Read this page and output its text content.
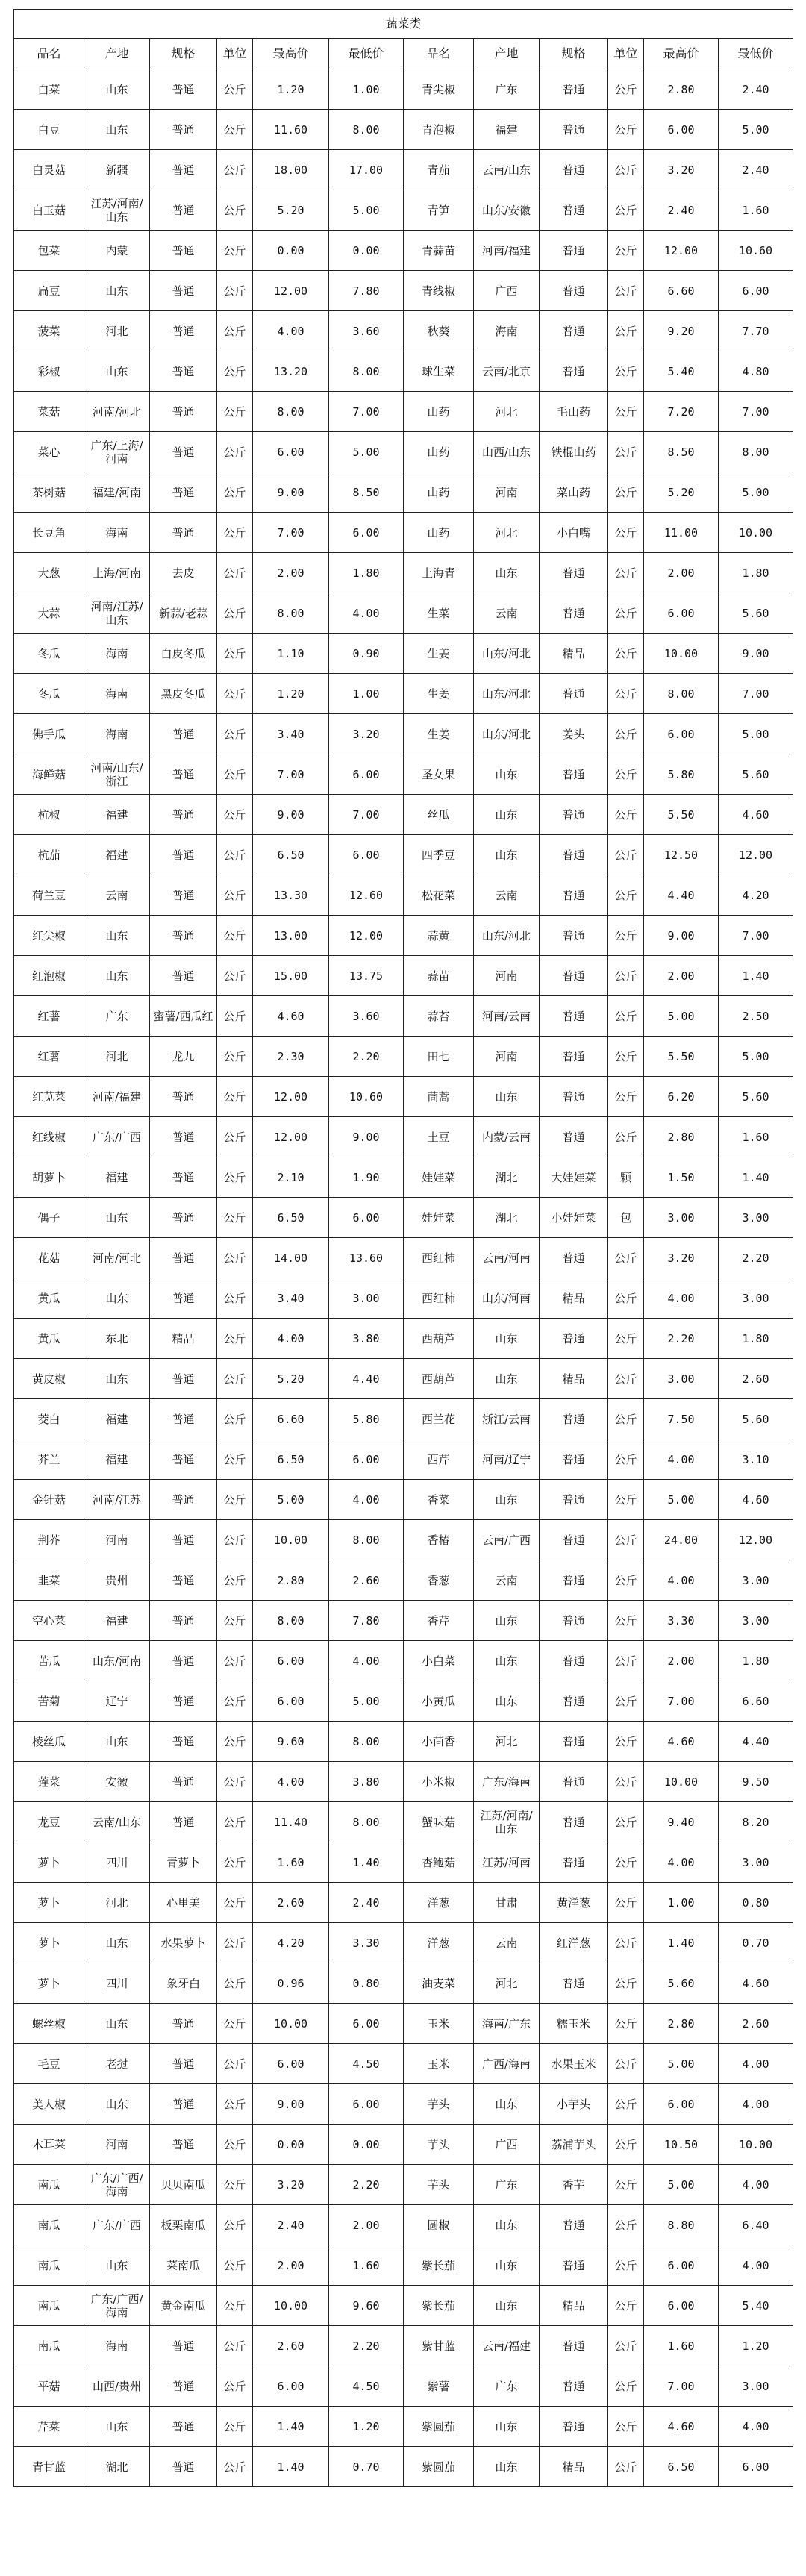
蔬菜类											
品名	产地	规格	单位	最高价	最低价	品名	产地	规格	单位	最高价	最低价
白菜	山东	普通	公斤	1.20	1.00	青尖椒	广东	普通	公斤	2.80	2.40
白豆	山东	普通	公斤	11.60	8.00	青泡椒	福建	普通	公斤	6.00	5.00
白灵菇	新疆	普通	公斤	18.00	17.00	青茄	云南/山东	普通	公斤	3.20	2.40
白玉菇	江苏/河南/山东	普通	公斤	5.20	5.00	青笋	山东/安徽	普通	公斤	2.40	1.60
包菜	内蒙	普通	公斤	0.00	0.00	青蒜苗	河南/福建	普通	公斤	12.00	10.60
扁豆	山东	普通	公斤	12.00	7.80	青线椒	广西	普通	公斤	6.60	6.00
菠菜	河北	普通	公斤	4.00	3.60	秋葵	海南	普通	公斤	9.20	7.70
彩椒	山东	普通	公斤	13.20	8.00	球生菜	云南/北京	普通	公斤	5.40	4.80
菜菇	河南/河北	普通	公斤	8.00	7.00	山药	河北	毛山药	公斤	7.20	7.00
菜心	广东/上海/河南	普通	公斤	6.00	5.00	山药	山西/山东	铁棍山药	公斤	8.50	8.00
茶树菇	福建/河南	普通	公斤	9.00	8.50	山药	河南	菜山药	公斤	5.20	5.00
长豆角	海南	普通	公斤	7.00	6.00	山药	河北	小白嘴	公斤	11.00	10.00
大葱	上海/河南	去皮	公斤	2.00	1.80	上海青	山东	普通	公斤	2.00	1.80
大蒜	河南/江苏/山东	新蒜/老蒜	公斤	8.00	4.00	生菜	云南	普通	公斤	6.00	5.60
冬瓜	海南	白皮冬瓜	公斤	1.10	0.90	生姜	山东/河北	精品	公斤	10.00	9.00
冬瓜	海南	黑皮冬瓜	公斤	1.20	1.00	生姜	山东/河北	普通	公斤	8.00	7.00
佛手瓜	海南	普通	公斤	3.40	3.20	生姜	山东/河北	姜头	公斤	6.00	5.00
海鲜菇	河南/山东/浙江	普通	公斤	7.00	6.00	圣女果	山东	普通	公斤	5.80	5.60
杭椒	福建	普通	公斤	9.00	7.00	丝瓜	山东	普通	公斤	5.50	4.60
杭茄	福建	普通	公斤	6.50	6.00	四季豆	山东	普通	公斤	12.50	12.00
荷兰豆	云南	普通	公斤	13.30	12.60	松花菜	云南	普通	公斤	4.40	4.20
红尖椒	山东	普通	公斤	13.00	12.00	蒜黄	山东/河北	普通	公斤	9.00	7.00
红泡椒	山东	普通	公斤	15.00	13.75	蒜苗	河南	普通	公斤	2.00	1.40
红薯	广东	蜜薯/西瓜红	公斤	4.60	3.60	蒜苔	河南/云南	普通	公斤	5.00	2.50
红薯	河北	龙九	公斤	2.30	2.20	田七	河南	普通	公斤	5.50	5.00
红苋菜	河南/福建	普通	公斤	12.00	10.60	茼蒿	山东	普通	公斤	6.20	5.60
红线椒	广东/广西	普通	公斤	12.00	9.00	土豆	内蒙/云南	普通	公斤	2.80	1.60
胡萝卜	福建	普通	公斤	2.10	1.90	娃娃菜	湖北	大娃娃菜	颗	1.50	1.40
偶子	山东	普通	公斤	6.50	6.00	娃娃菜	湖北	小娃娃菜	包	3.00	3.00
花菇	河南/河北	普通	公斤	14.00	13.60	西红柿	云南/河南	普通	公斤	3.20	2.20
黄瓜	山东	普通	公斤	3.40	3.00	西红柿	山东/河南	精品	公斤	4.00	3.00
黄瓜	东北	精品	公斤	4.00	3.80	西葫芦	山东	普通	公斤	2.20	1.80
黄皮椒	山东	普通	公斤	5.20	4.40	西葫芦	山东	精品	公斤	3.00	2.60
茭白	福建	普通	公斤	6.60	5.80	西兰花	浙江/云南	普通	公斤	7.50	5.60
芥兰	福建	普通	公斤	6.50	6.00	西芹	河南/辽宁	普通	公斤	4.00	3.10
金针菇	河南/江苏	普通	公斤	5.00	4.00	香菜	山东	普通	公斤	5.00	4.60
荆芥	河南	普通	公斤	10.00	8.00	香椿	云南/广西	普通	公斤	24.00	12.00
韭菜	贵州	普通	公斤	2.80	2.60	香葱	云南	普通	公斤	4.00	3.00
空心菜	福建	普通	公斤	8.00	7.80	香芹	山东	普通	公斤	3.30	3.00
苦瓜	山东/河南	普通	公斤	6.00	4.00	小白菜	山东	普通	公斤	2.00	1.80
苦菊	辽宁	普通	公斤	6.00	5.00	小黄瓜	山东	普通	公斤	7.00	6.60
棱丝瓜	山东	普通	公斤	9.60	8.00	小茴香	河北	普通	公斤	4.60	4.40
莲菜	安徽	普通	公斤	4.00	3.80	小米椒	广东/海南	普通	公斤	10.00	9.50
龙豆	云南/山东	普通	公斤	11.40	8.00	蟹味菇	江苏/河南/山东	普通	公斤	9.40	8.20
萝卜	四川	青萝卜	公斤	1.60	1.40	杏鲍菇	江苏/河南	普通	公斤	4.00	3.00
萝卜	河北	心里美	公斤	2.60	2.40	洋葱	甘肃	黄洋葱	公斤	1.00	0.80
萝卜	山东	水果萝卜	公斤	4.20	3.30	洋葱	云南	红洋葱	公斤	1.40	0.70
萝卜	四川	象牙白	公斤	0.96	0.80	油麦菜	河北	普通	公斤	5.60	4.60
螺丝椒	山东	普通	公斤	10.00	6.00	玉米	海南/广东	糯玉米	公斤	2.80	2.60
毛豆	老挝	普通	公斤	6.00	4.50	玉米	广西/海南	水果玉米	公斤	5.00	4.00
美人椒	山东	普通	公斤	9.00	6.00	芋头	山东	小芋头	公斤	6.00	4.00
木耳菜	河南	普通	公斤	0.00	0.00	芋头	广西	荔浦芋头	公斤	10.50	10.00
南瓜	广东/广西/海南	贝贝南瓜	公斤	3.20	2.20	芋头	广东	香芋	公斤	5.00	4.00
南瓜	广东/广西	板栗南瓜	公斤	2.40	2.00	圆椒	山东	普通	公斤	8.80	6.40
南瓜	山东	菜南瓜	公斤	2.00	1.60	紫长茄	山东	普通	公斤	6.00	4.00
南瓜	广东/广西/海南	黄金南瓜	公斤	10.00	9.60	紫长茄	山东	精品	公斤	6.00	5.40
南瓜	海南	普通	公斤	2.60	2.20	紫甘蓝	云南/福建	普通	公斤	1.60	1.20
平菇	山西/贵州	普通	公斤	6.00	4.50	紫薯	广东	普通	公斤	7.00	3.00
芹菜	山东	普通	公斤	1.40	1.20	紫圆茄	山东	普通	公斤	4.60	4.00
青甘蓝	湖北	普通	公斤	1.40	0.70	紫圆茄	山东	精品	公斤	6.50	6.00
